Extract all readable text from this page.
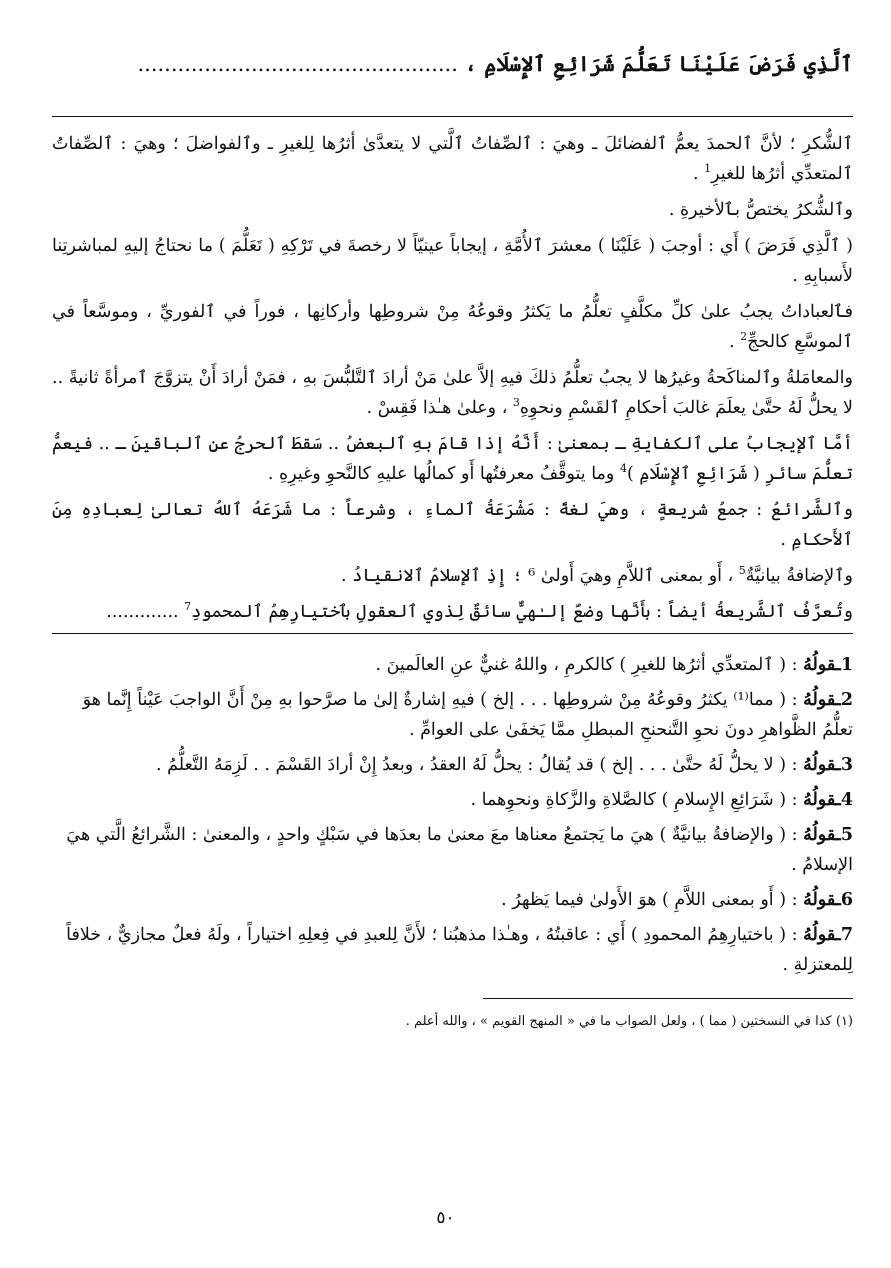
ٱلَّذِي فَرَضَ عَلَيْنَا تَعَلُّمَ شَرَائِعِ ٱلإِسْلَامِ ، ................................................

ٱلشُّكرِ ؛ لأنَّ ٱلحمدَ يعمُّ ٱلفضائلَ ـ وهيَ : ٱلصِّفاتُ ٱلَّتي لا يتعدَّىٰ أثرُها لِلغيرِ ـ وٱلفواضلَ ؛ وهيَ : ٱلصِّفاتُ ٱلمتعدِّي أثرُها للغيرِ$^1$ .

وٱلشُّكرُ يختصُّ بٱلأخيرةِ .

( ٱلَّذِي فَرَضَ ) أَي : أوجبَ ( عَلَيْنَا ) معشرَ ٱلأُمَّةِ ، إيجاباً عينيّاً لا رخصةَ في تَرْكِهِ ( تَعَلُّمَ ) ما نحتاجُ إليهِ لمباشرتِنا لأَسبابِهِ .

فٱلعباداتُ يجبُ علىٰ كلِّ مكلَّفٍ تعلُّمُ ما يَكثرُ وقوعُهُ مِنْ شروطِها وأركانِها ، فوراً في ٱلفوريِّ ، وموسَّعاً في ٱلموسَّعِ كالحجِّ$^2$ .

والمعامَلةُ وٱلمناكَحةُ وغيرُها لا يجبُ تعلُّمُ ذلكَ فيهِ إلاَّ علىٰ مَنْ أرادَ ٱلتَّلبُّسَ بهِ ، فمَنْ أرادَ أَنْ يتزوَّجَ ٱمرأةً ثانيةً .. لا يحلُّ لَهُ حتَّىٰ يعلَمَ غالبَ أحكامِ ٱلقَسْمِ ونحوِهِ$^3$ ، وعلىٰ هـٰذا فَقِسْ .

أمَّا ٱلإيجابُ على ٱلكفايةِ ـ بمعنىٰ : أَنَّهُ إذا قامَ بهِ ٱلبعضُ .. سَقطَ ٱلحرجُ عنِ ٱلباقينَ ـ .. فيعمُّ تعلُّمَ سائرِ ( شَرَائِعِ ٱلإِسْلَامِ )$^4$ وما يتوقَّفُ معرفتُها أَو كمالُها عليهِ كالنَّحوِ وغيرِهِ .

وٱلشَّرائعُ : جمعُ شريعةٍ ، وهيَ لغةً : مَشْرَعَةُ ٱلماءِ ، وشرعاً : ما شَرَعَهُ ٱللهُ تعالىٰ لِعبادِهِ مِنَ ٱلأَحكامِ .

وٱلإضافةُ بيانيَّةٌ$^5$ ، أَو بمعنى ٱللاَّمِ وهيَ أَولىٰ ⁶ ؛ إِذِ ٱلإسلامُ ٱلانقيادُ .

وتُعرَّفُ ٱلشَّريعةُ أيضاً : بأَنَّها وضعٌ إلـٰهيٌّ سائقٌ لِذوي ٱلعقولِ بٱختيارِهِمُ ٱلمحمودِ$^7$ .............

1ـقولُهُ : ( ٱلمتعدِّي أثرُها للغيرِ ) كالكرمِ ، واللهُ غنيٌّ عنِ العالَمينَ .

2ـقولُهُ : ( مما⁽¹⁾ يكثرُ وقوعُهُ مِنْ شروطِها . . . إلخ ) فيهِ إشارةٌ إلىٰ ما صرَّحوا بهِ مِنْ أَنَّ الواجبَ عَيْناً إِنَّما هوَ تعلُّمُ الظَّواهرِ دونَ نحوِ التَّنحنحِ المبطلِ ممَّا يَخفَىٰ على العوامِّ .

3ـقولُهُ : ( لا يحلُّ لَهُ حتَّىٰ . . . إلخ ) قد يُقالُ : يحلُّ لَهُ العقدُ ، وبعدُ إِنْ أرادَ القَسْمَ . . لَزِمَهُ التَّعلُّمُ .

4ـقولُهُ : ( شَرَائِعِ الإِسلامِ ) كالصَّلاةِ والزَّكاةِ ونحوِهما .

5ـقولُهُ : ( والإضافةُ بيانيَّةٌ ) هيَ ما يَجتمعُ معناها معَ معنىٰ ما بعدَها في سَبْكٍ واحدٍ ، والمعنىٰ : الشَّرائعُ الَّتي هيَ الإسلامُ .

6ـقولُهُ : ( أَو بمعنى اللاَّمِ ) هوَ الأَولىٰ فيما يَظهرُ .

7ـقولُهُ : ( باختيارِهِمُ المحمودِ ) أَي : عاقبتُهُ ، وهـٰذا مذهبُنا ؛ لأَنَّ لِلعبدِ في فِعلِهِ اختياراً ، ولَهُ فعلٌ مجازيٌّ ، خلافاً لِلمعتزلةِ .

(١) كذا في النسختين ( مما ) ، ولعل الصواب ما في « المنهج القويم » ، والله أعلم .
٥٠
